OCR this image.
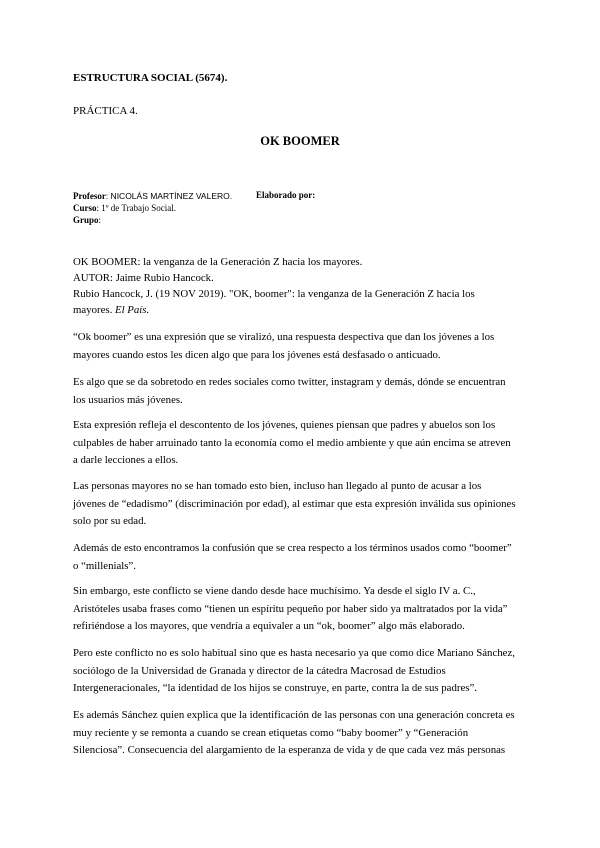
ESTRUCTURA SOCIAL (5674).

PRÁCTICA 4.

OK BOOMER

Profesor: NICOLÁS MARTÍNEZ VALERO.	Elaborado por:

Curso: 1º de Trabajo Social.

Grupo:

OK BOOMER: la venganza de la Generación Z hacia los mayores.
AUTOR: Jaime Rubio Hancock.
Rubio Hancock, J. (19 NOV 2019). "OK, boomer": la venganza de la Generación Z hacia los
mayores. El País.
“Ok boomer” es una expresión que se viralizó, una respuesta despectiva que dan los jóvenes a los
mayores cuando estos les dicen algo que para los jóvenes está desfasado o anticuado.
Es algo que se da sobretodo en redes sociales como twitter, instagram y demás, dónde se encuentran
los usuarios más jóvenes.
Esta expresión refleja el descontento de los jóvenes, quienes piensan que padres y abuelos son los
culpables de haber arruinado tanto la economía como el medio ambiente y que aún encima se atreven
a darle lecciones a ellos.
Las personas mayores no se han tomado esto bien, incluso han llegado al punto de acusar a los
jóvenes de “edadismo” (discriminación por edad), al estimar que esta expresión inválida sus opiniones
solo por su edad.
Además de esto encontramos la confusión que se crea respecto a los términos usados como “boomer”
o “millenials”.
Sin embargo, este conflicto se viene dando desde hace muchísimo. Ya desde el siglo IV a. C.,
Aristóteles usaba frases como “tienen un espíritu pequeño por haber sido ya maltratados por la vida”
refiriéndose a los mayores, que vendría a equivaler a un “ok, boomer” algo más elaborado.
Pero este conflicto no es solo habitual sino que es hasta necesario ya que como dice Mariano Sánchez,
sociólogo de la Universidad de Granada y director de la cátedra Macrosad de Estudios
Intergeneracionales, “la identidad de los hijos se construye, en parte, contra la de sus padres”.
Es además Sánchez quien explica que la identificación de las personas con una generación concreta es
muy reciente y se remonta a cuando se crean etiquetas como “baby boomer” y “Generación
Silenciosa”. Consecuencia del alargamiento de la esperanza de vida y de que cada vez más personas
